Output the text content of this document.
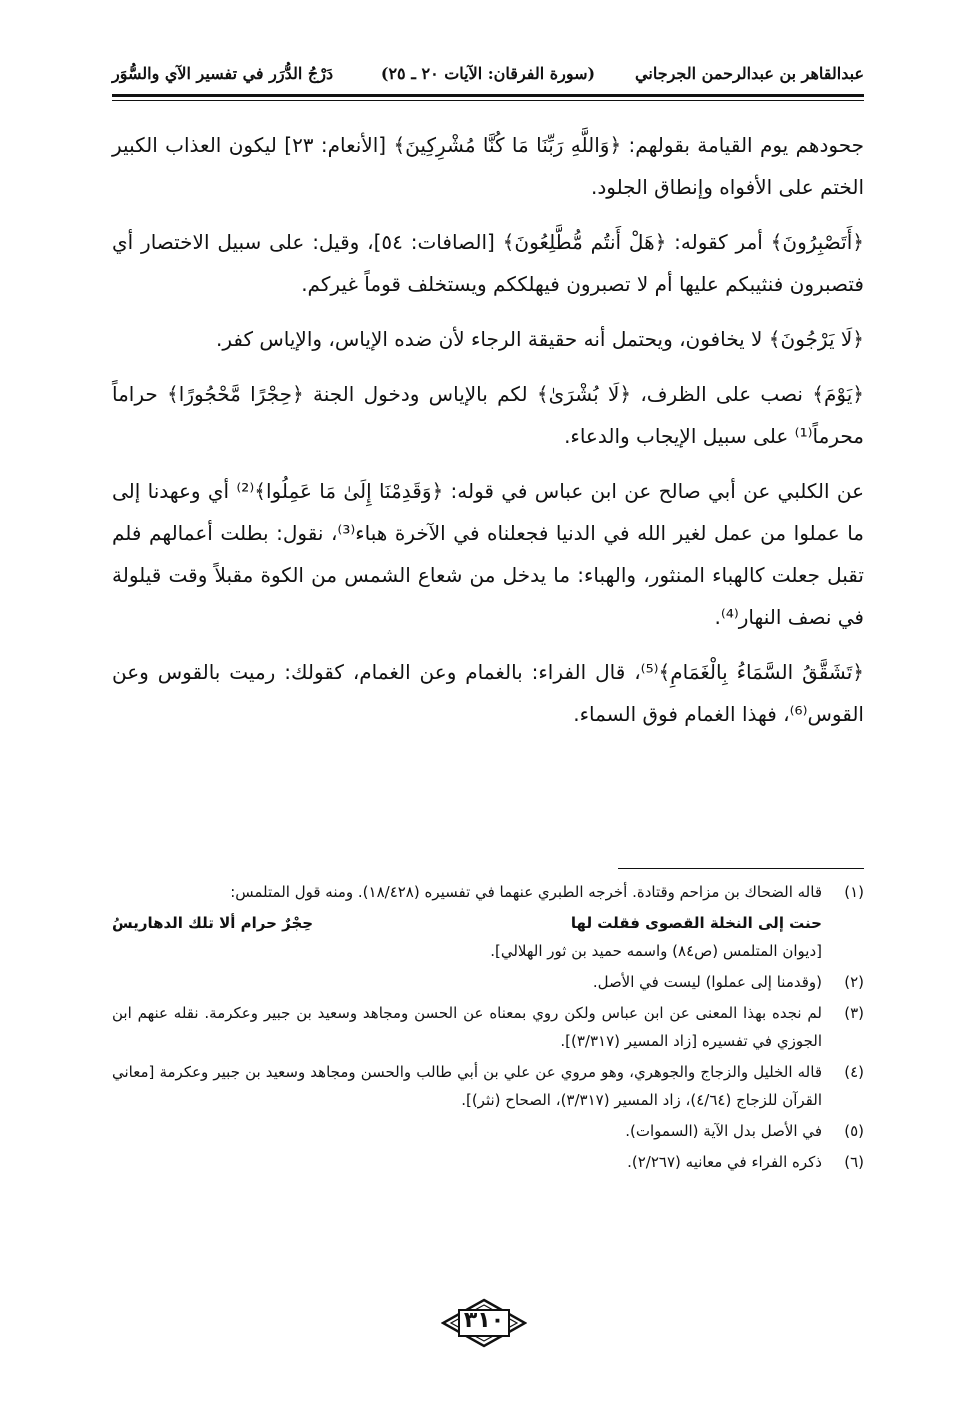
عبدالقاهر بن عبدالرحمن الجرجاني
(سورة الفرقان: الآيات ٢٠ ـ ٢٥)
دَرْجُ الدُّرَر في تفسير الآي والسُّوَر

جحودهم يوم القيامة بقولهم: ﴿وَاللَّهِ رَبِّنَا مَا كُنَّا مُشْرِكِينَ﴾ [الأنعام: ٢٣] ليكون العذاب الكبير الختم على الأفواه وإنطاق الجلود.

﴿أَتَصْبِرُونَ﴾ أمر كقوله: ﴿هَلْ أَنتُم مُّطَّلِعُونَ﴾ [الصافات: ٥٤]، وقيل: على سبيل الاختصار أي فتصبرون فنثيبكم عليها أم لا تصبرون فيهلككم ويستخلف قوماً غيركم.

﴿لَا يَرْجُونَ﴾ لا يخافون، ويحتمل أنه حقيقة الرجاء لأن ضده الإياس، والإياس كفر.

﴿يَوْمَ﴾ نصب على الظرف، ﴿لَا بُشْرَىٰ﴾ لكم بالإياس ودخول الجنة ﴿حِجْرًا مَّحْجُورًا﴾ حراماً محرماً⁽¹⁾ على سبيل الإيجاب والدعاء.

عن الكلبي عن أبي صالح عن ابن عباس في قوله: ﴿وَقَدِمْنَا إِلَىٰ مَا عَمِلُوا﴾⁽²⁾ أي وعهدنا إلى ما عملوا من عمل لغير الله في الدنيا فجعلناه في الآخرة هباء⁽³⁾، نقول: بطلت أعمالهم فلم تقبل جعلت كالهباء المنثور، والهباء: ما يدخل من شعاع الشمس من الكوة مقبلاً وقت قيلولة في نصف النهار⁽⁴⁾.

﴿تَشَقَّقُ السَّمَاءُ بِالْغَمَامِ﴾⁽⁵⁾، قال الفراء: بالغمام وعن الغمام، كقولك: رميت بالقوس وعن القوس⁽⁶⁾، فهذا الغمام فوق السماء.

( ١ )
قاله الضحاك بن مزاحم وقتادة. أخرجه الطبري عنهما في تفسيره (١٨/٤٢٨). ومنه قول المتلمس:
حنت إلى النخلة القصوى فقلت لها
حِجْرٌ حرام ألا تلك الدهاريسُ
[ديوان المتلمس (ص٨٤) واسمه حميد بن ثور الهلالي].
( ٢ )
(وقدمنا إلى عملوا) ليست في الأصل.
( ٣ )
لم نجده بهذا المعنى عن ابن عباس ولكن روي بمعناه عن الحسن ومجاهد وسعيد بن جبير وعكرمة. نقله عنهم ابن الجوزي في تفسيره [زاد المسير (٣/٣١٧)].
( ٤ )
قاله الخليل والزجاج والجوهري، وهو مروي عن علي بن أبي طالب والحسن ومجاهد وسعيد بن جبير وعكرمة [معاني القرآن للزجاج (٤/٦٤)، زاد المسير (٣/٣١٧)، الصحاح (نثر)].
( ٥ )
في الأصل بدل الآية (السموات).
( ٦ )
ذكره الفراء في معانيه (٢/٢٦٧).
٣١٠
